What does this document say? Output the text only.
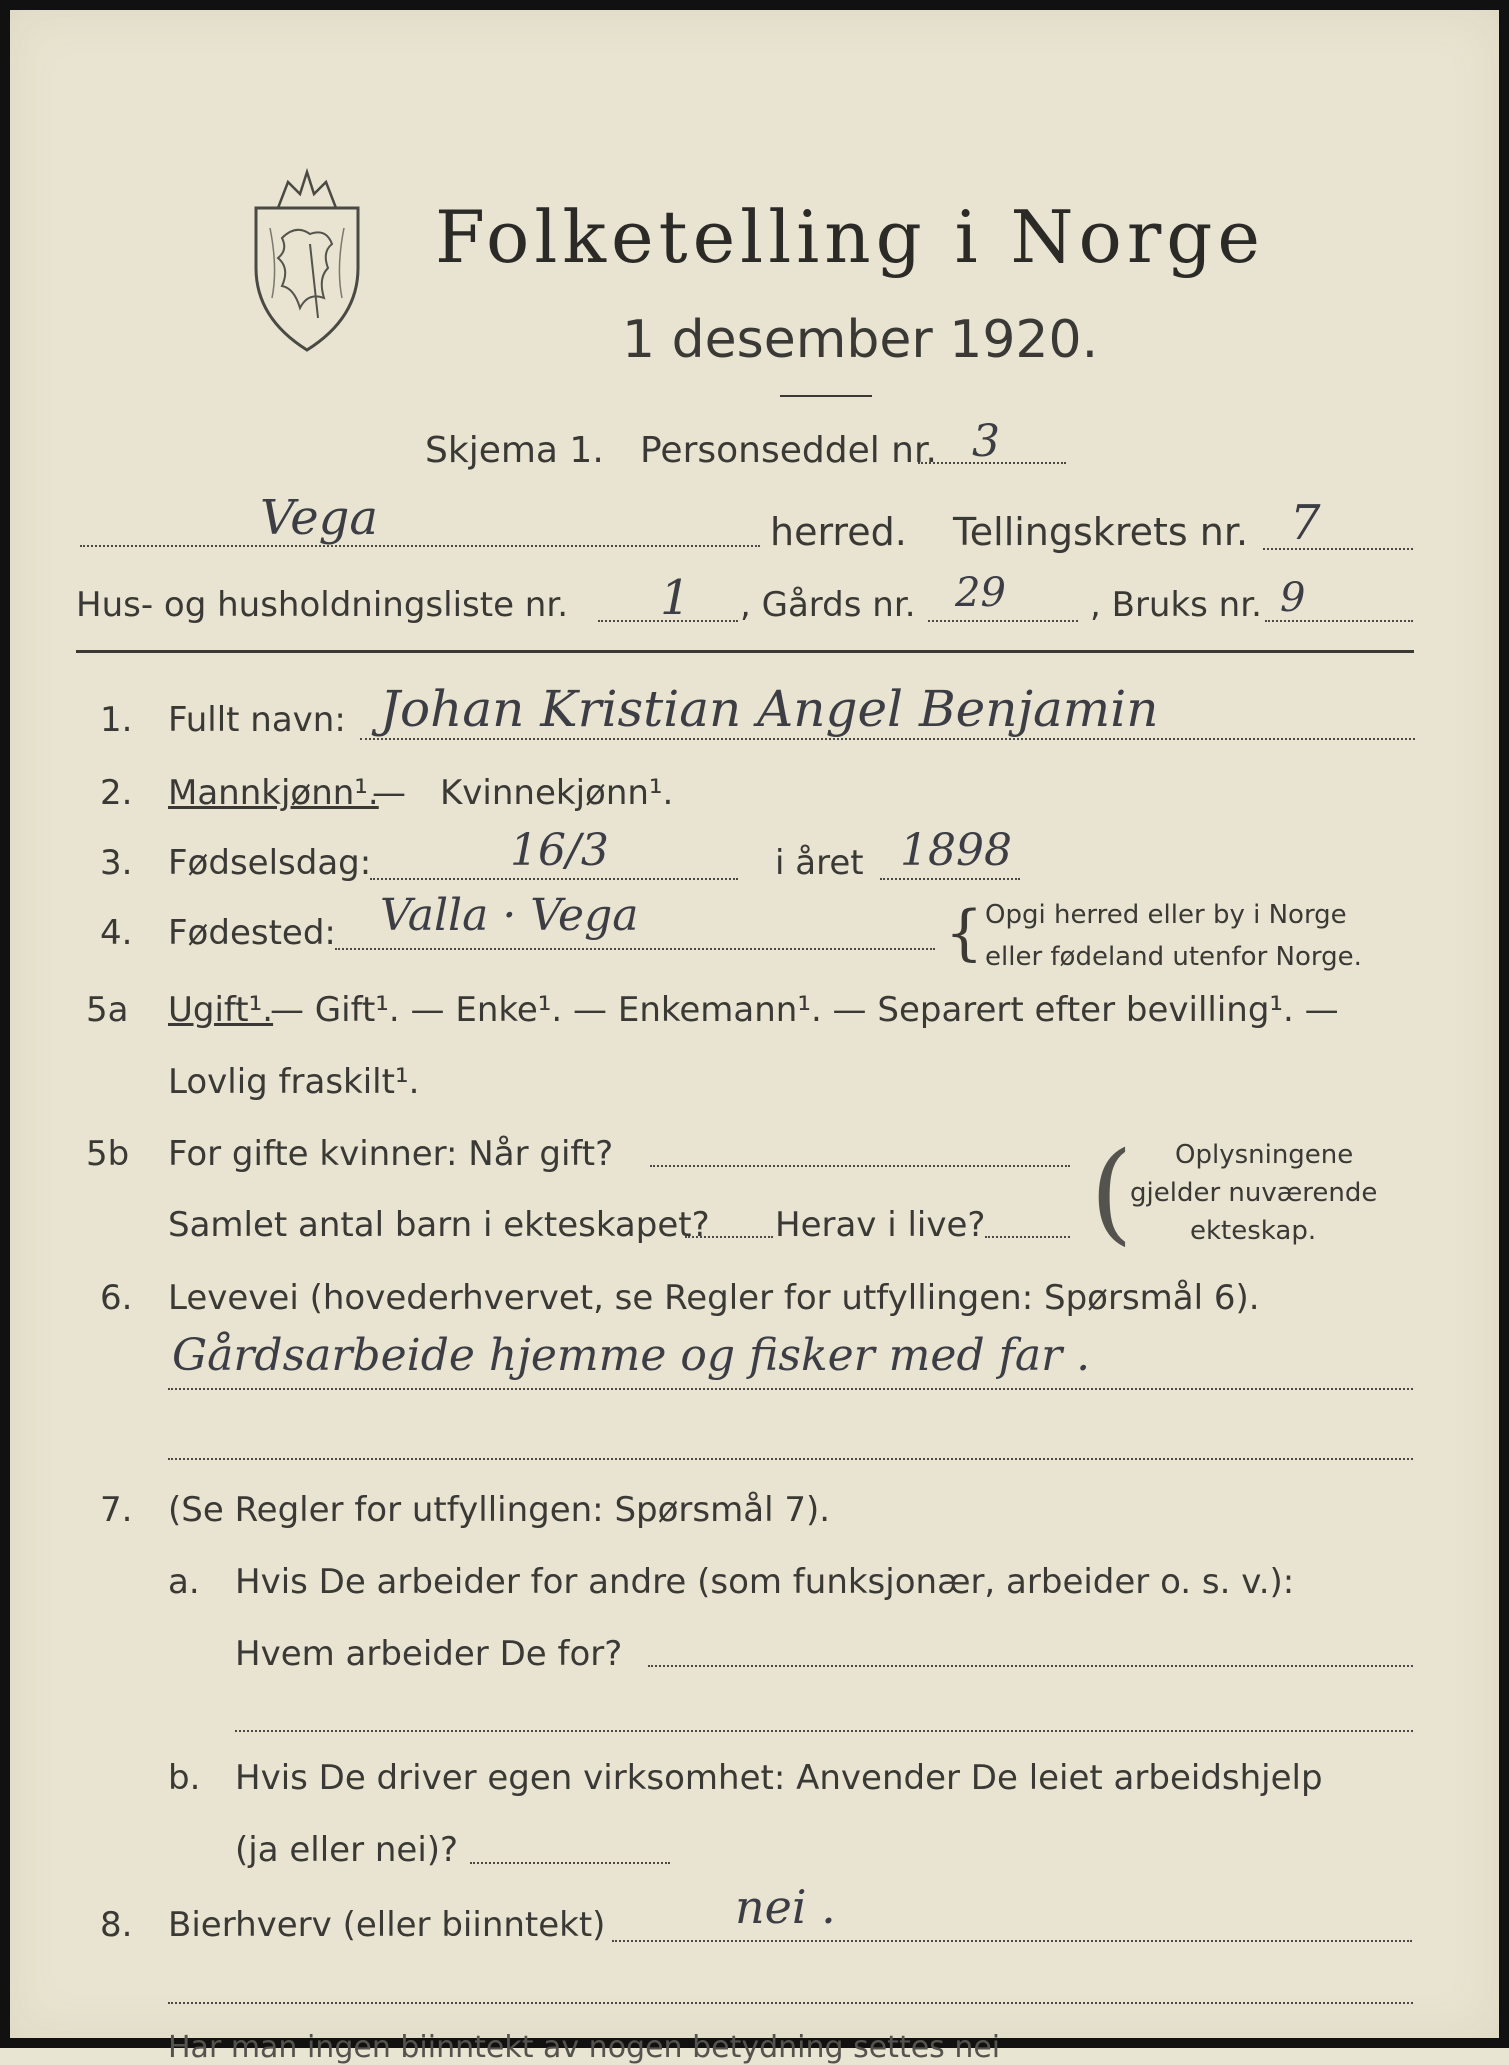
Folketelling i Norge
1 desember 1920.
Skjema 1. Personseddel nr. 3
Vega	herred. Tellingskrets nr. 7
Hus- og husholdningsliste nr. 1 , Gårds nr. 29 , Bruks nr. 9
1. Fullt navn: Johan Kristian Angel Benjamin
2. Mannkjønn¹.
— Kvinnekjønn¹.
3. Fødselsdag:	16/3	i året 1898
4. Fødested: Valla · Vega	{ Opgi herred eller by i Norge
eller fødeland utenfor Norge.
5a Ugift¹.
— Gift¹. — Enke¹. — Enkemann¹. — Separert efter bevilling¹. —
Lovlig fraskilt¹.
5b For gifte kvinner: Når gift?
Samlet antal barn i ekteskapet? Herav i live? ( Oplysningene
gjelder nuværende
ekteskap.
6. Levevei (hovederhvervet, se Regler for utfyllingen: Spørsmål 6).
Gårdsarbeide hjemme og fisker med far .
7. (Se Regler for utfyllingen: Spørsmål 7).
a. Hvis De arbeider for andre (som funksjonær, arbeider o. s. v.):
Hvem arbeider De for?
b. Hvis De driver egen virksomhet: Anvender De leiet arbeidshjelp
(ja eller nei)?
8. Bierhverv (eller biinntekt)	nei .
Har man ingen biinntekt av nogen betydning settes nei
